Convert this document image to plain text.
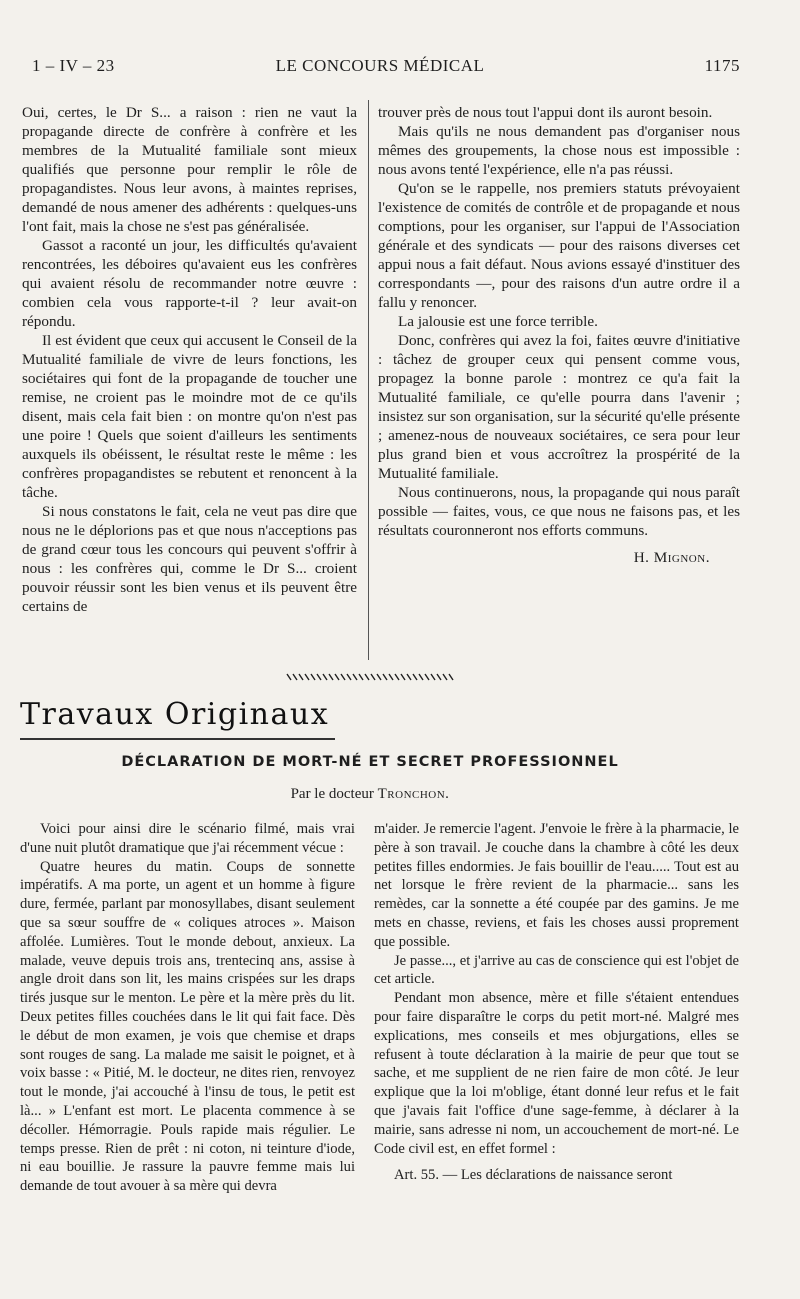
1 – IV – 23	LE CONCOURS MÉDICAL	1175

Oui, certes, le Dr S... a raison : rien ne vaut la propagande directe de confrère à confrère et les membres de la Mutualité familiale sont mieux qualifiés que personne pour remplir le rôle de propagandistes. Nous leur avons, à maintes reprises, demandé de nous amener des adhérents : quelques-uns l'ont fait, mais la chose ne s'est pas généralisée.

Gassot a raconté un jour, les difficultés qu'avaient rencontrées, les déboires qu'avaient eus les confrères qui avaient résolu de recommander notre œuvre : combien cela vous rapporte-t-il ? leur avait-on répondu.

Il est évident que ceux qui accusent le Conseil de la Mutualité familiale de vivre de leurs fonctions, les sociétaires qui font de la propagande de toucher une remise, ne croient pas le moindre mot de ce qu'ils disent, mais cela fait bien : on montre qu'on n'est pas une poire ! Quels que soient d'ailleurs les sentiments auxquels ils obéissent, le résultat reste le même : les confrères propagandistes se rebutent et renoncent à la tâche.

Si nous constatons le fait, cela ne veut pas dire que nous ne le déplorions pas et que nous n'acceptions pas de grand cœur tous les concours qui peuvent s'offrir à nous : les confrères qui, comme le Dr S... croient pouvoir réussir sont les bien venus et ils peuvent être certains de

trouver près de nous tout l'appui dont ils auront besoin.

Mais qu'ils ne nous demandent pas d'organiser nous mêmes des groupements, la chose nous est impossible : nous avons tenté l'expérience, elle n'a pas réussi.

Qu'on se le rappelle, nos premiers statuts prévoyaient l'existence de comités de contrôle et de propagande et nous comptions, pour les organiser, sur l'appui de l'Association générale et des syndicats — pour des raisons diverses cet appui nous a fait défaut. Nous avions essayé d'instituer des correspondants —, pour des raisons d'un autre ordre il a fallu y renoncer.

La jalousie est une force terrible.

Donc, confrères qui avez la foi, faites œuvre d'initiative : tâchez de grouper ceux qui pensent comme vous, propagez la bonne parole : montrez ce qu'a fait la Mutualité familiale, ce qu'elle pourra dans l'avenir ; insistez sur son organisation, sur la sécurité qu'elle présente ; amenez-nous de nouveaux sociétaires, ce sera pour leur plus grand bien et vous accroîtrez la prospérité de la Mutualité familiale.

Nous continuerons, nous, la propagande qui nous paraît possible — faites, vous, ce que nous ne faisons pas, et les résultats couronneront nos efforts communs.

H. Mignon.
Travaux Originaux
DÉCLARATION DE MORT-NÉ ET SECRET PROFESSIONNEL
Par le docteur Tronchon.

Voici pour ainsi dire le scénario filmé, mais vrai d'une nuit plutôt dramatique que j'ai récemment vécue :

Quatre heures du matin. Coups de sonnette impératifs. A ma porte, un agent et un homme à figure dure, fermée, parlant par monosyllabes, disant seulement que sa sœur souffre de « coliques atroces ». Maison affolée. Lumières. Tout le monde debout, anxieux. La malade, veuve depuis trois ans, trentecinq ans, assise à angle droit dans son lit, les mains crispées sur les draps tirés jusque sur le menton. Le père et la mère près du lit. Deux petites filles couchées dans le lit qui fait face. Dès le début de mon examen, je vois que chemise et draps sont rouges de sang. La malade me saisit le poignet, et à voix basse : « Pitié, M. le docteur, ne dites rien, renvoyez tout le monde, j'ai accouché à l'insu de tous, le petit est là... » L'enfant est mort. Le placenta commence à se décoller. Hémorragie. Pouls rapide mais régulier. Le temps presse. Rien de prêt : ni coton, ni teinture d'iode, ni eau bouillie. Je rassure la pauvre femme mais lui demande de tout avouer à sa mère qui devra

m'aider. Je remercie l'agent. J'envoie le frère à la pharmacie, le père à son travail. Je couche dans la chambre à côté les deux petites filles endormies. Je fais bouillir de l'eau..... Tout est au net lorsque le frère revient de la pharmacie... sans les remèdes, car la sonnette a été coupée par des gamins. Je me mets en chasse, reviens, et fais les choses aussi proprement que possible.

Je passe..., et j'arrive au cas de conscience qui est l'objet de cet article.

Pendant mon absence, mère et fille s'étaient entendues pour faire disparaître le corps du petit mort-né. Malgré mes explications, mes conseils et mes objurgations, elles se refusent à toute déclaration à la mairie de peur que tout se sache, et me supplient de ne rien faire de mon côté. Je leur explique que la loi m'oblige, étant donné leur refus et le fait que j'avais fait l'office d'une sage-femme, à déclarer à la mairie, sans adresse ni nom, un accouchement de mort-né. Le Code civil est, en effet formel :

Art. 55. — Les déclarations de naissance seront
